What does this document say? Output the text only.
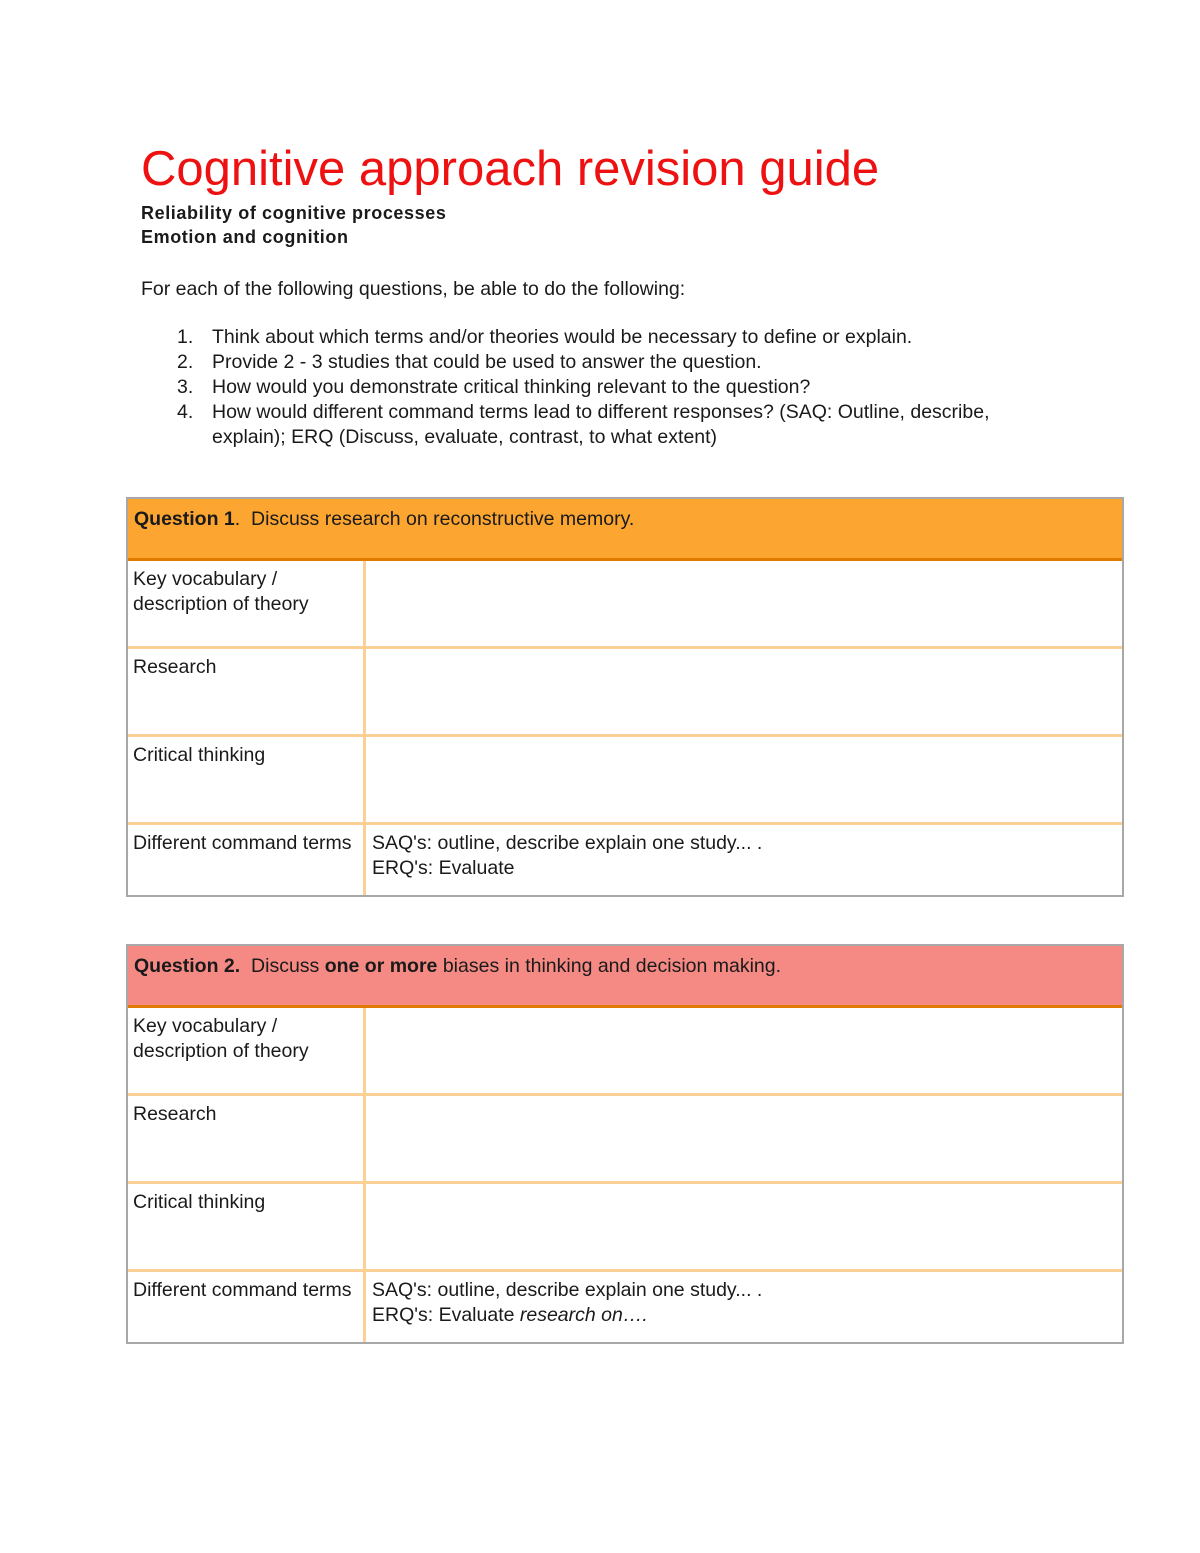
Cognitive approach revision guide
Reliability of cognitive processes
Emotion and cognition
For each of the following questions, be able to do the following:
1. Think about which terms and/or theories would be necessary to define or explain.
2. Provide 2 - 3 studies that could be used to answer the question.
3. How would you demonstrate critical thinking relevant to the question?
4. How would different command terms lead to different responses? (SAQ: Outline, describe, explain); ERQ (Discuss, evaluate, contrast, to what extent)
Question 1. Discuss research on reconstructive memory.
Key vocabulary / description of theory
Research
Critical thinking
Different command terms	SAQ's: outline, describe explain one study... .
ERQ's: Evaluate
Question 2. Discuss one or more biases in thinking and decision making.
Key vocabulary / description of theory
Research
Critical thinking
Different command terms	SAQ's: outline, describe explain one study... .
ERQ's: Evaluate research on….
